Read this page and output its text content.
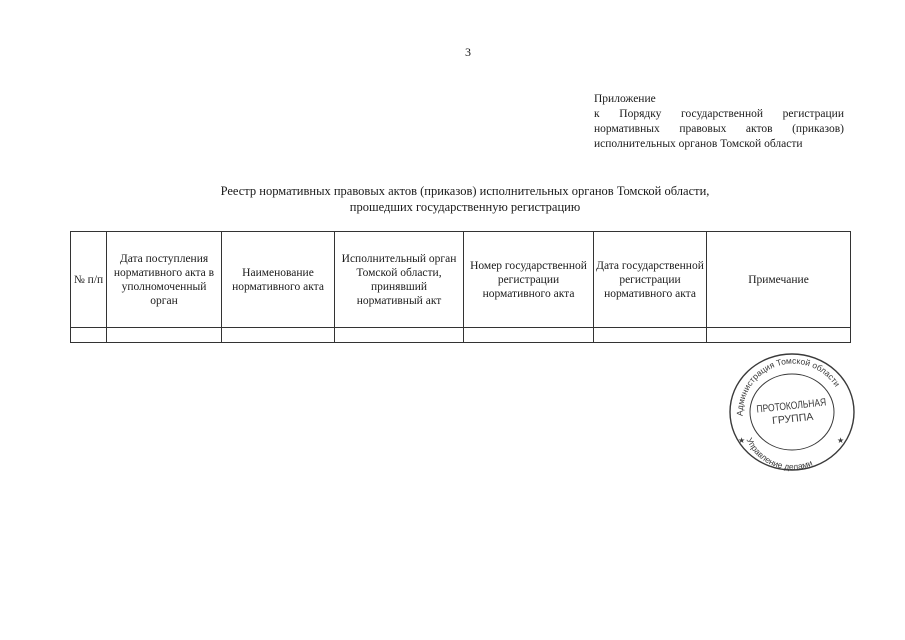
3
Приложение
к Порядку государственной регистрации
нормативных правовых актов (приказов)
исполнительных органов Томской области
Реестр нормативных правовых актов (приказов) исполнительных органов Томской области,
прошедших государственную регистрацию
№ п/п	Дата поступления нормативного акта в уполномоченный орган	Наименование нормативного акта	Исполнительный орган Томской области, принявший нормативный акт	Номер государственной регистрации нормативного акта	Дата государственной регистрации нормативного акта	Примечание

Администрация Томской области
Управление делами
ПРОТОКОЛЬНАЯ
ГРУППА
★	★
